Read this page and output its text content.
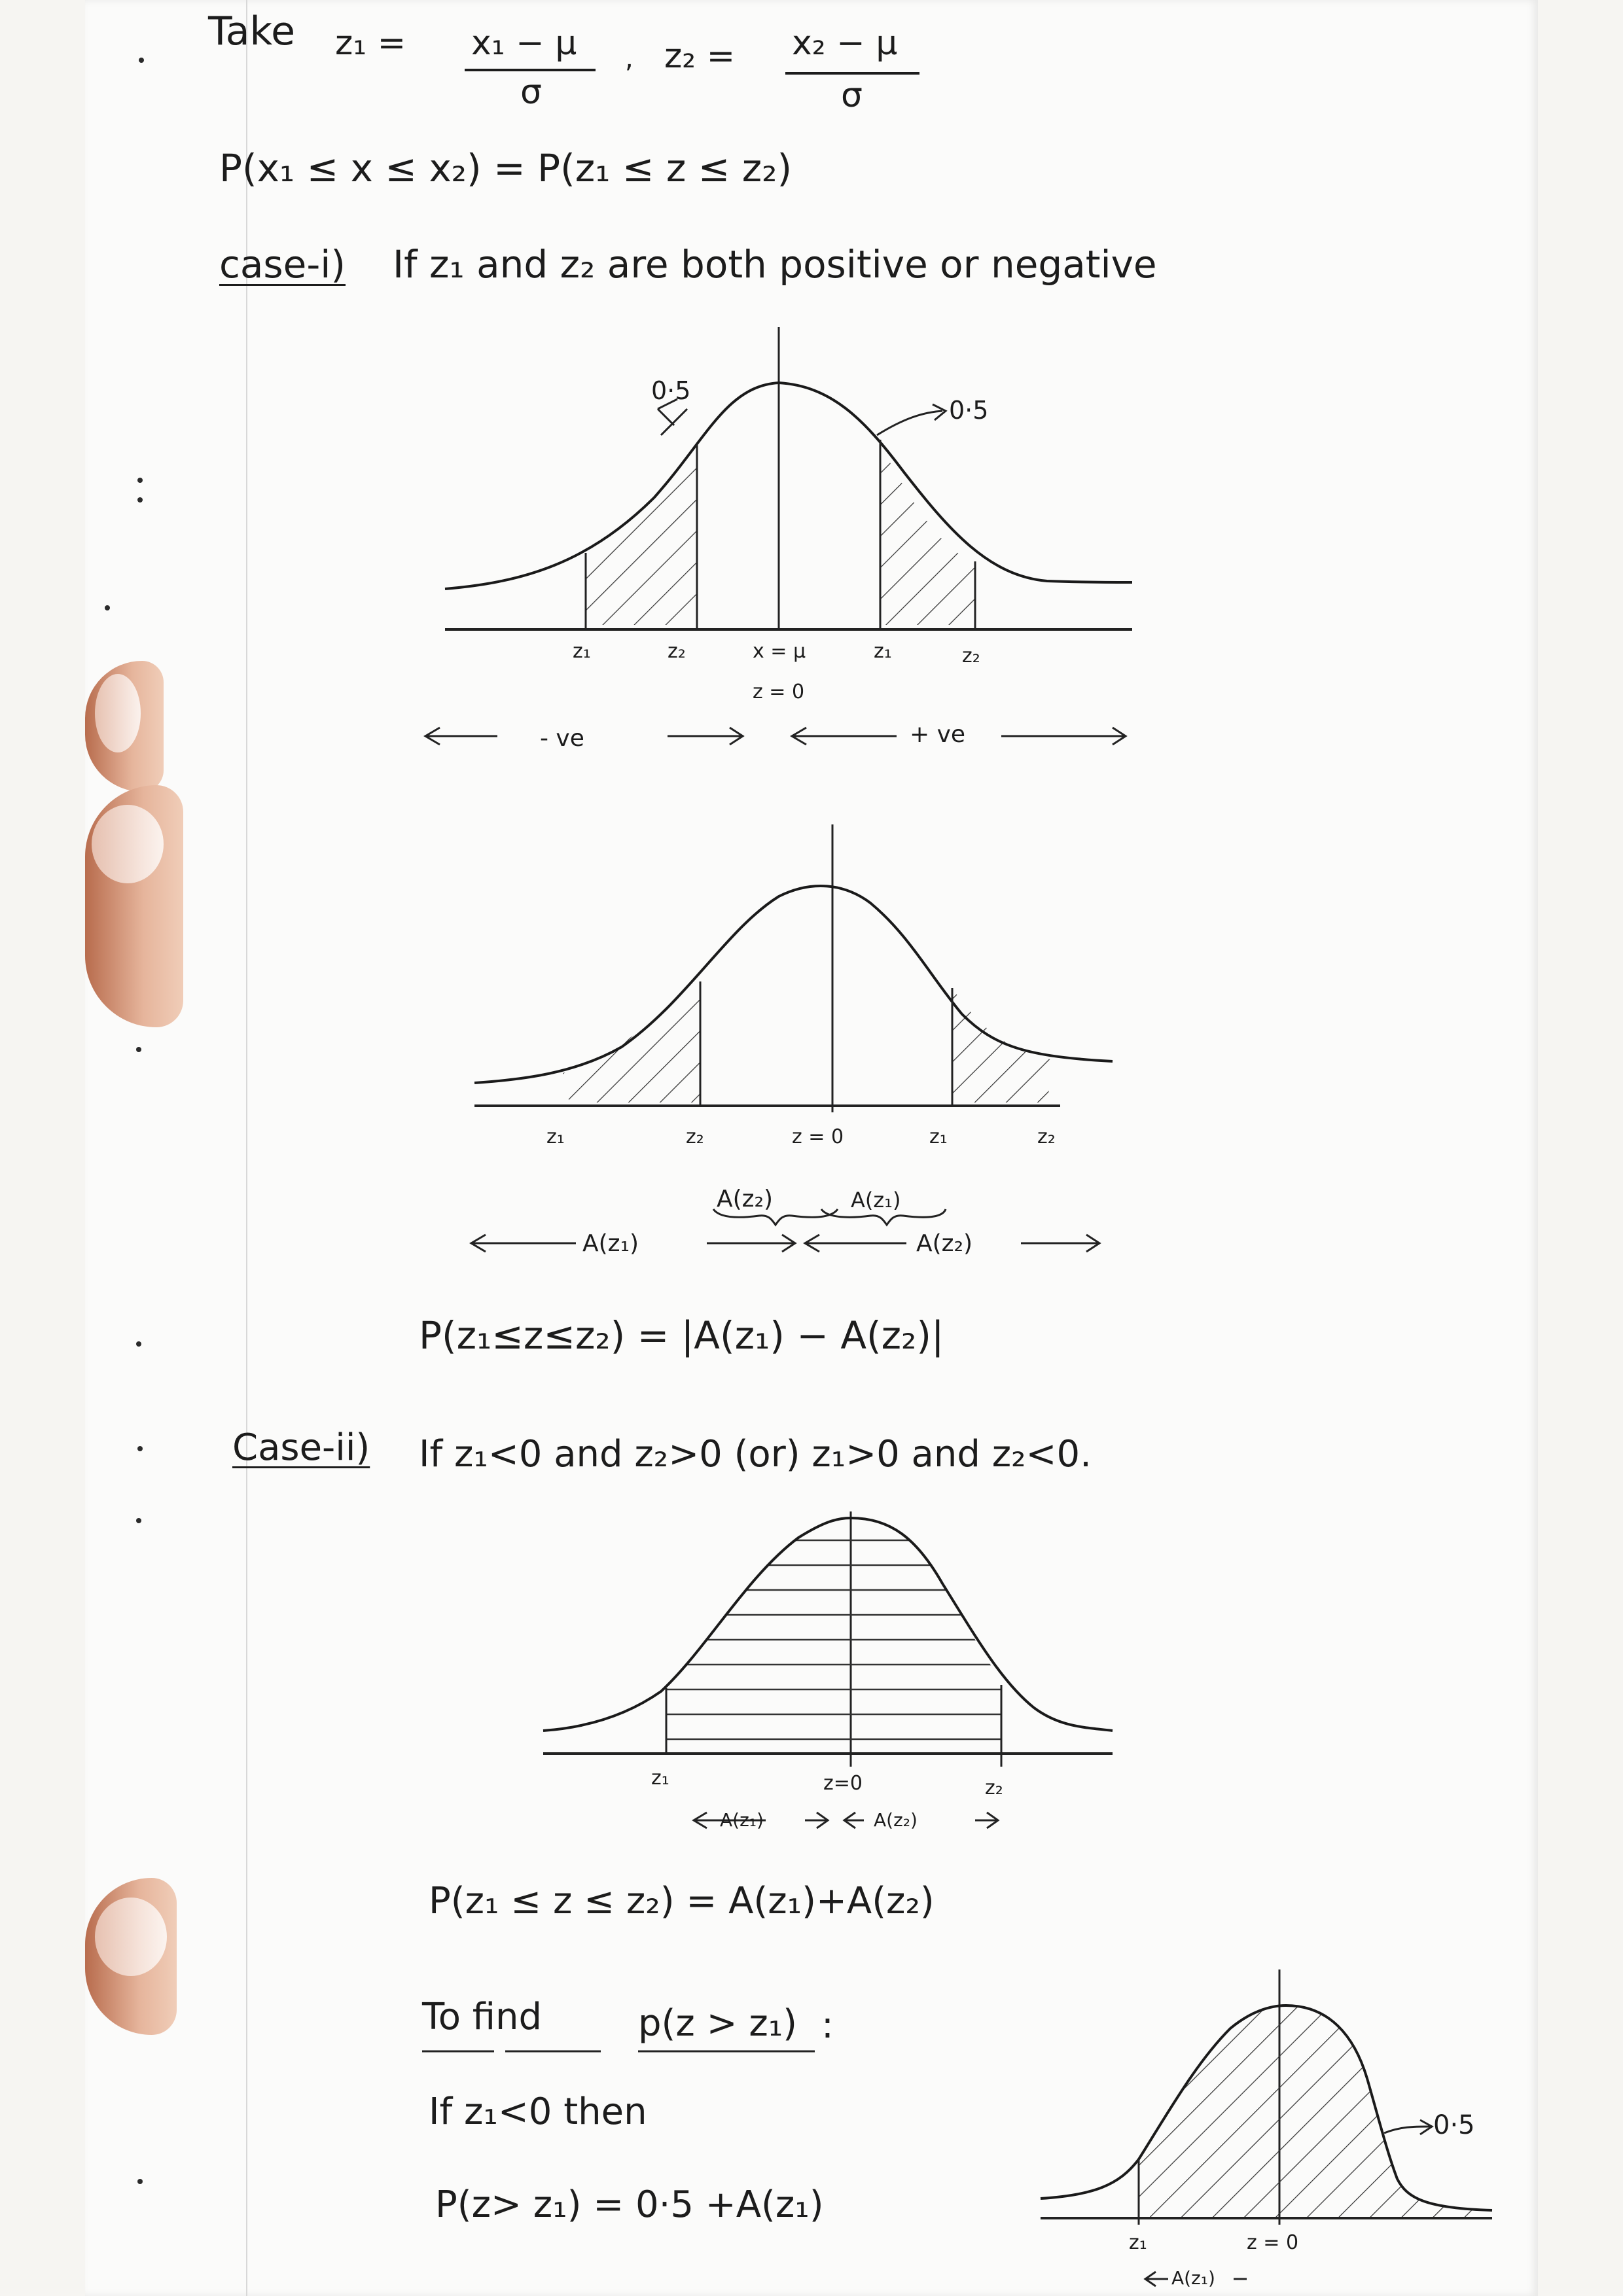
Take z₁ = x₁ − μ
σ
, z₂ = x₂ − μ
σ
P(x₁ ≤ x ≤ x₂) = P(z₁ ≤ z ≤ z₂)
case-i) If z₁ and z₂ are both positive or negative
0·5
0·5
z₁	z₂	x = μ	z₁	z₂
z = 0
- ve	+ ve
z₁	z₂	z = 0	z₁	z₂
A(z₂)	A(z₁)
A(z₁)	A(z₂)
P(z₁≤z≤z₂) = |A(z₁) − A(z₂)|
Case-ii) If z₁<0 and z₂>0 (or) z₁>0 and z₂<0.
z₁	z=0	z₂
A(z₁)	A(z₂)
P(z₁ ≤ z ≤ z₂) = A(z₁)+A(z₂)
To find	p(z > z₁) :
If z₁<0 then
P(z> z₁) = 0·5 +A(z₁)
0·5
z₁	z = 0
A(z₁)
